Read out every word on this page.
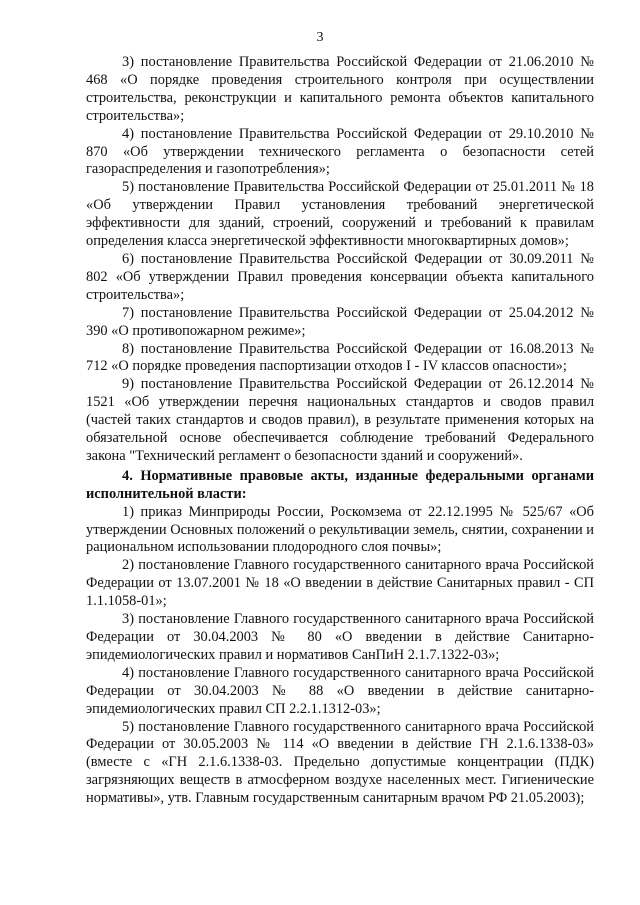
3

3) постановление Правительства Российской Федерации от 21.06.2010 № 468 «О порядке проведения строительного контроля при осуществлении строительства, реконструкции и капитального ремонта объектов капитального строительства»;

4) постановление Правительства Российской Федерации от 29.10.2010 № 870 «Об утверждении технического регламента о безопасности сетей газораспределения и газопотребления»;

5) постановление Правительства Российской Федерации от 25.01.2011 № 18 «Об утверждении Правил установления требований энергетической эффективности для зданий, строений, сооружений и требований к правилам определения класса энергетической эффективности многоквартирных домов»;

6) постановление Правительства Российской Федерации от 30.09.2011 № 802 «Об утверждении Правил проведения консервации объекта капитального строительства»;

7) постановление Правительства Российской Федерации от 25.04.2012 № 390 «О противопожарном режиме»;

8) постановление Правительства Российской Федерации от 16.08.2013 № 712 «О порядке проведения паспортизации отходов I - IV классов опасности»;

9) постановление Правительства Российской Федерации от 26.12.2014 № 1521 «Об утверждении перечня национальных стандартов и сводов правил (частей таких стандартов и сводов правил), в результате применения которых на обязательной основе обеспечивается соблюдение требований Федерального закона "Технический регламент о безопасности зданий и сооружений».

4. Нормативные правовые акты, изданные федеральными органами исполнительной власти:

1) приказ Минприроды России, Роскомзема от 22.12.1995 № 525/67 «Об утверждении Основных положений о рекультивации земель, снятии, сохранении и рациональном использовании плодородного слоя почвы»;

2) постановление Главного государственного санитарного врача Российской Федерации от 13.07.2001 № 18 «О введении в действие Санитарных правил - СП 1.1.1058-01»;

3) постановление Главного государственного санитарного врача Российской Федерации от 30.04.2003 № 80 «О введении в действие Санитарно-эпидемиологических правил и нормативов СанПиН 2.1.7.1322-03»;

4) постановление Главного государственного санитарного врача Российской Федерации от 30.04.2003 № 88 «О введении в действие санитарно-эпидемиологических правил СП 2.2.1.1312-03»;

5) постановление Главного государственного санитарного врача Российской Федерации от 30.05.2003 № 114 «О введении в действие ГН 2.1.6.1338-03» (вместе с «ГН 2.1.6.1338-03. Предельно допустимые концентрации (ПДК) загрязняющих веществ в атмосферном воздухе населенных мест. Гигиенические нормативы», утв. Главным государственным санитарным врачом РФ 21.05.2003);
